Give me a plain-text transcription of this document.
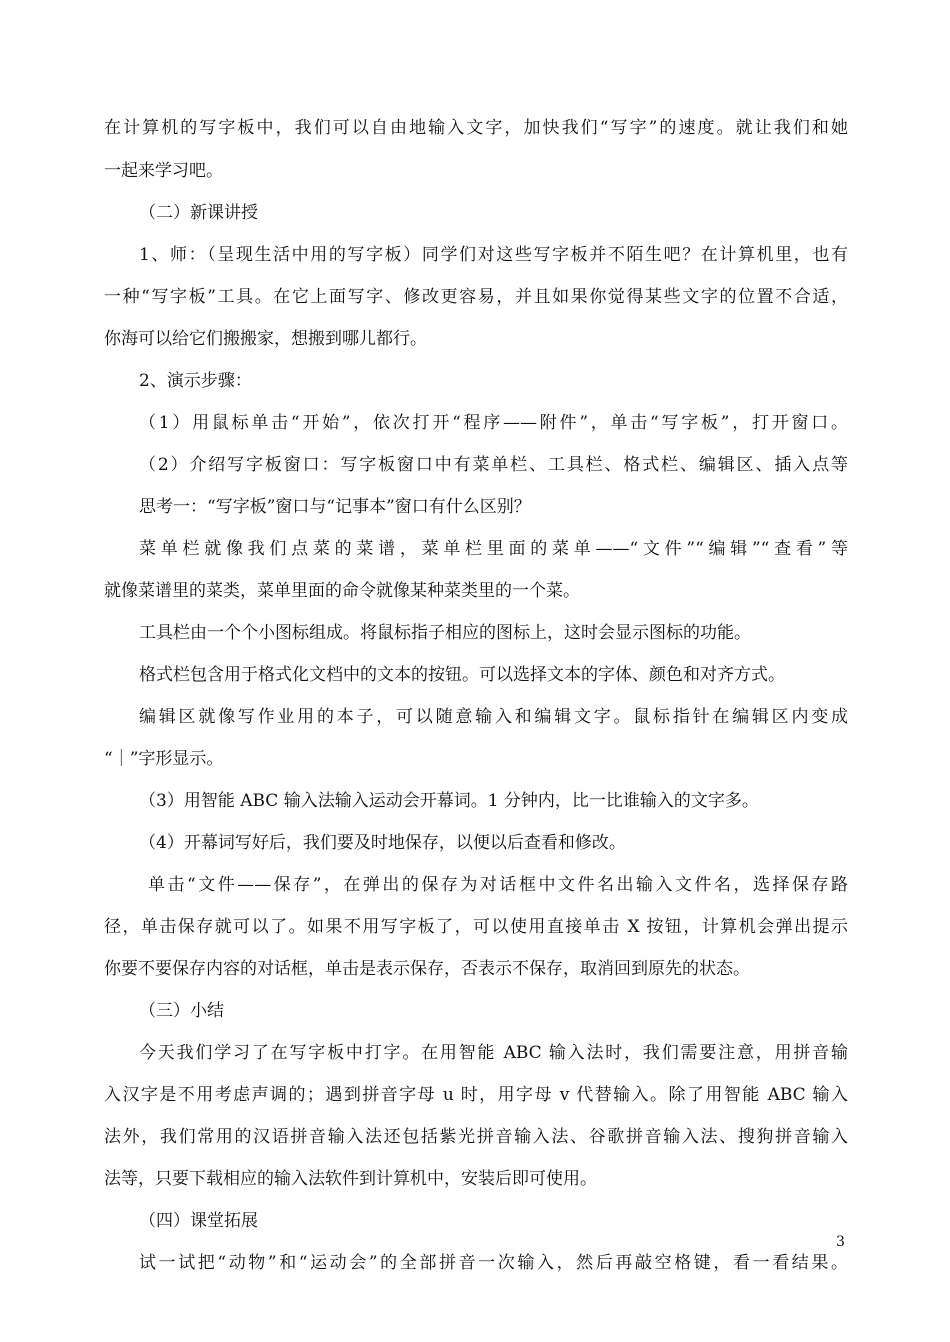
在计算机的写字板中，我们可以自由地输入文字，加快我们“写字”的速度。就让我们和她
一起来学习吧。
（二）新课讲授
1、师：（呈现生活中用的写字板）同学们对这些写字板并不陌生吧？在计算机里，也有
一种“写字板”工具。在它上面写字、修改更容易，并且如果你觉得某些文字的位置不合适，
你海可以给它们搬搬家，想搬到哪儿都行。
2、演示步骤：
（1）用鼠标单击“开始”，依次打开“程序——附件”，单击“写字板”，打开窗口。
（2）介绍写字板窗口：写字板窗口中有菜单栏、工具栏、格式栏、编辑区、插入点等
思考一：“写字板”窗口与“记事本”窗口有什么区别？
菜单栏就像我们点菜的菜谱，菜单栏里面的菜单——“文件”“编辑”“查看”等
就像菜谱里的菜类，菜单里面的命令就像某种菜类里的一个菜。
工具栏由一个个小图标组成。将鼠标指子相应的图标上，这时会显示图标的功能。
格式栏包含用于格式化文档中的文本的按钮。可以选择文本的字体、颜色和对齐方式。
编辑区就像写作业用的本子，可以随意输入和编辑文字。鼠标指针在编辑区内变成
“｜”字形显示。
（3）用智能 ABC 输入法输入运动会开幕词。1 分钟内，比一比谁输入的文字多。
（4）开幕词写好后，我们要及时地保存，以便以后查看和修改。
单击“文件——保存”，在弹出的保存为对话框中文件名出输入文件名，选择保存路
径，单击保存就可以了。如果不用写字板了，可以使用直接单击 X 按钮，计算机会弹出提示
你要不要保存内容的对话框，单击是表示保存，否表示不保存，取消回到原先的状态。
（三）小结
今天我们学习了在写字板中打字。在用智能 ABC 输入法时，我们需要注意，用拼音输
入汉字是不用考虑声调的；遇到拼音字母 u 时，用字母 v 代替输入。除了用智能 ABC 输入
法外，我们常用的汉语拼音输入法还包括紫光拼音输入法、谷歌拼音输入法、搜狗拼音输入
法等，只要下载相应的输入法软件到计算机中，安装后即可使用。
（四）课堂拓展
试一试把“动物”和“运动会”的全部拼音一次输入，然后再敲空格键，看一看结果。
3
